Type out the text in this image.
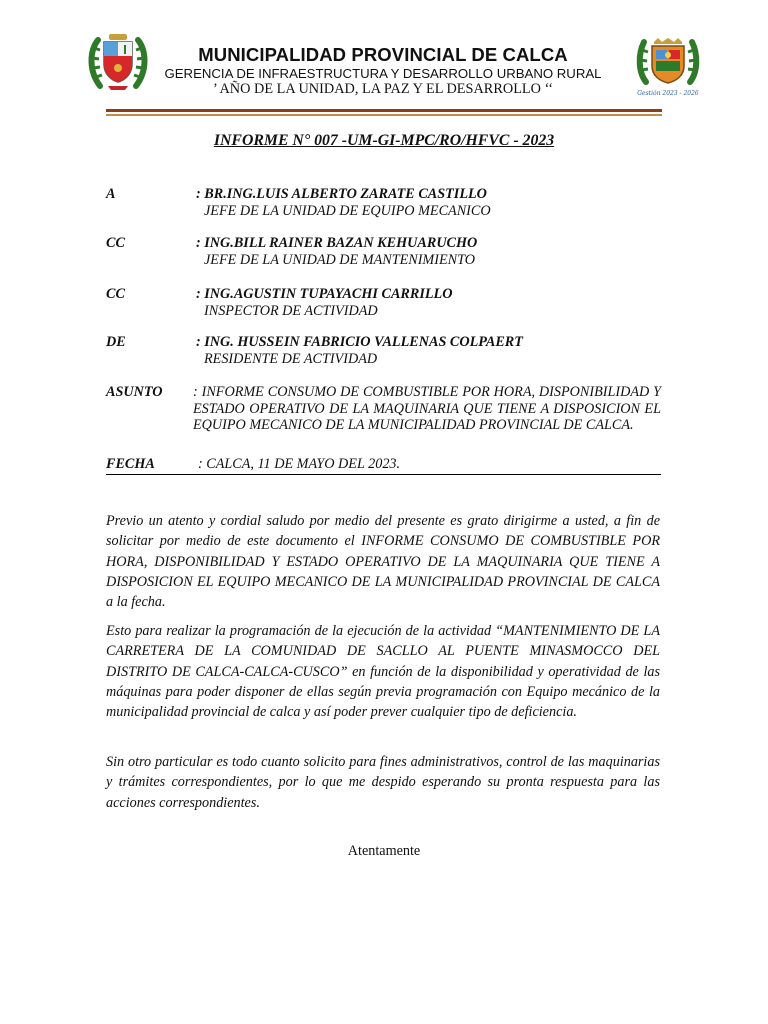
MUNICIPALIDAD PROVINCIAL DE CALCA
GERENCIA DE INFRAESTRUCTURA Y DESARROLLO URBANO RURAL
’ AÑO DE LA UNIDAD, LA PAZ Y EL DESARROLLO ‘‘	Gestión 2023 - 2026
INFORME N° 007 -UM-GI-MPC/RO/HFVC - 2023
A	: BR.ING.LUIS ALBERTO ZARATE CASTILLO
JEFE DE LA UNIDAD DE EQUIPO MECANICO
CC	: ING.BILL RAINER BAZAN KEHUARUCHO
JEFE DE LA UNIDAD DE MANTENIMIENTO
CC	: ING.AGUSTIN TUPAYACHI CARRILLO
INSPECTOR DE ACTIVIDAD
DE	: ING. HUSSEIN FABRICIO VALLENAS COLPAERT
RESIDENTE DE ACTIVIDAD
ASUNTO : INFORME CONSUMO DE COMBUSTIBLE POR HORA, DISPONIBILIDAD Y ESTADO OPERATIVO DE LA MAQUINARIA QUE TIENE A DISPOSICION EL EQUIPO MECANICO DE LA MUNICIPALIDAD PROVINCIAL DE CALCA.
FECHA	: CALCA, 11 DE MAYO DEL 2023.
Previo un atento y cordial saludo por medio del presente es grato dirigirme a usted, a fin de solicitar por medio de este documento el INFORME CONSUMO DE COMBUSTIBLE POR HORA, DISPONIBILIDAD Y ESTADO OPERATIVO DE LA MAQUINARIA QUE TIENE A DISPOSICION EL EQUIPO MECANICO DE LA MUNICIPALIDAD PROVINCIAL DE CALCA a la fecha.
Esto para realizar la programación de la ejecución de la actividad “MANTENIMIENTO DE LA CARRETERA DE LA COMUNIDAD DE SACLLO AL PUENTE MINASMOCCO DEL DISTRITO DE CALCA-CALCA-CUSCO” en función de la disponibilidad y operatividad de las máquinas para poder disponer de ellas según previa programación con Equipo mecánico de la municipalidad provincial de calca y así poder prever cualquier tipo de deficiencia.
Sin otro particular es todo cuanto solicito para fines administrativos, control de las maquinarias y trámites correspondientes, por lo que me despido esperando su pronta respuesta para las acciones correspondientes.
Atentamente
